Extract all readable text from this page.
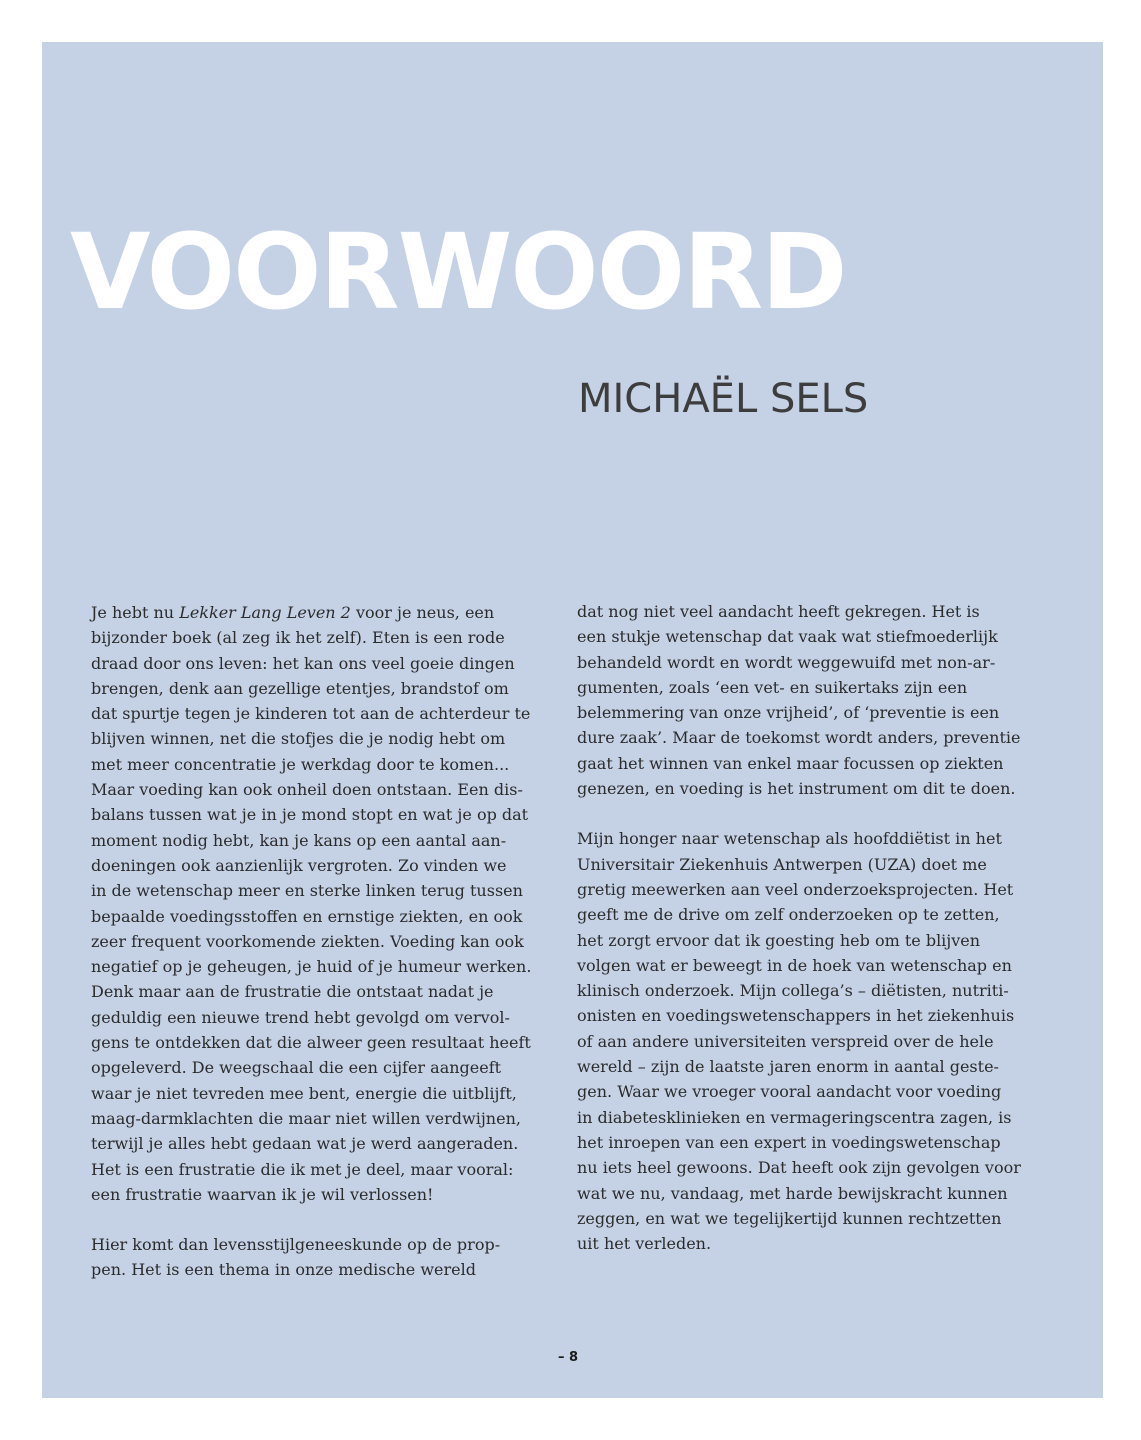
VOORWOORD
MICHAËL SELS

Je hebt nu Lekker Lang Leven 2 voor je neus, een
bijzonder boek (al zeg ik het zelf). Eten is een rode
draad door ons leven: het kan ons veel goeie dingen
brengen, denk aan gezellige etentjes, brandstof om
dat spurtje tegen je kinderen tot aan de achterdeur te
blijven winnen, net die stofjes die je nodig hebt om
met meer concentratie je werkdag door te komen...
Maar voeding kan ook onheil doen ontstaan. Een dis-
balans tussen wat je in je mond stopt en wat je op dat
moment nodig hebt, kan je kans op een aantal aan-
doeningen ook aanzienlijk vergroten. Zo vinden we
in de wetenschap meer en sterke linken terug tussen
bepaalde voedingsstoffen en ernstige ziekten, en ook
zeer frequent voorkomende ziekten. Voeding kan ook
negatief op je geheugen, je huid of je humeur werken.
Denk maar aan de frustratie die ontstaat nadat je
geduldig een nieuwe trend hebt gevolgd om vervol-
gens te ontdekken dat die alweer geen resultaat heeft
opgeleverd. De weegschaal die een cijfer aangeeft
waar je niet tevreden mee bent, energie die uitblijft,
maag-darmklachten die maar niet willen verdwijnen,
terwijl je alles hebt gedaan wat je werd aangeraden.
Het is een frustratie die ik met je deel, maar vooral:
een frustratie waarvan ik je wil verlossen!

Hier komt dan levensstijlgeneeskunde op de prop-
pen. Het is een thema in onze medische wereld

dat nog niet veel aandacht heeft gekregen. Het is
een stukje wetenschap dat vaak wat stiefmoederlijk
behandeld wordt en wordt weggewuifd met non-ar-
gumenten, zoals ‘een vet- en suikertaks zijn een
belemmering van onze vrijheid’, of ‘preventie is een
dure zaak’. Maar de toekomst wordt anders, preventie
gaat het winnen van enkel maar focussen op ziekten
genezen, en voeding is het instrument om dit te doen.

Mijn honger naar wetenschap als hoofddiëtist in het
Universitair Ziekenhuis Antwerpen (UZA) doet me
gretig meewerken aan veel onderzoeksprojecten. Het
geeft me de drive om zelf onderzoeken op te zetten,
het zorgt ervoor dat ik goesting heb om te blijven
volgen wat er beweegt in de hoek van wetenschap en
klinisch onderzoek. Mijn collega’s – diëtisten, nutriti-
onisten en voedingswetenschappers in het ziekenhuis
of aan andere universiteiten verspreid over de hele
wereld – zijn de laatste jaren enorm in aantal geste-
gen. Waar we vroeger vooral aandacht voor voeding
in diabetesklinieken en vermageringscentra zagen, is
het inroepen van een expert in voedingswetenschap
nu iets heel gewoons. Dat heeft ook zijn gevolgen voor
wat we nu, vandaag, met harde bewijskracht kunnen
zeggen, en wat we tegelijkertijd kunnen rechtzetten
uit het verleden.

– 8
